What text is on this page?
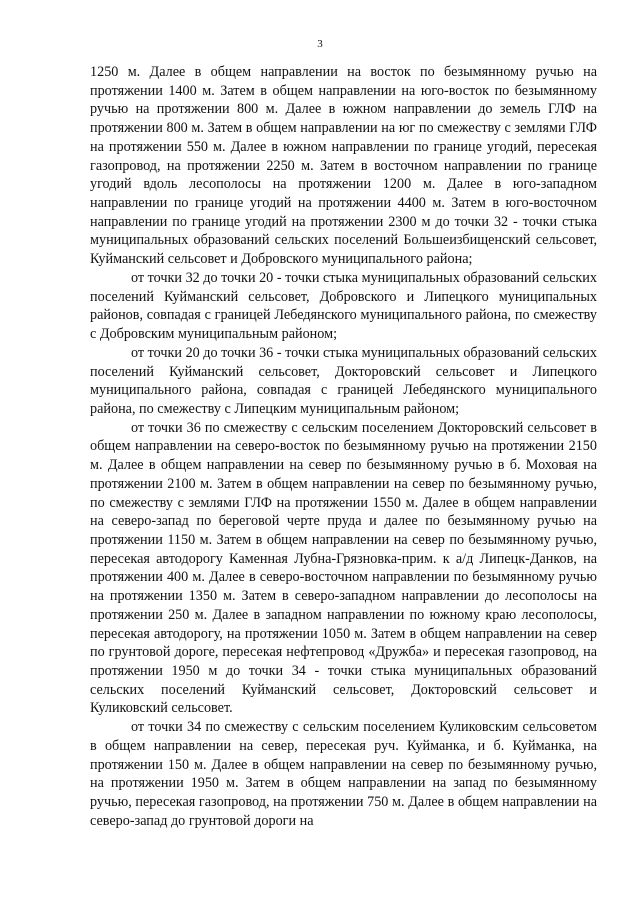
3

1250 м. Далее в общем направлении на восток по безымянному ручью на протяжении 1400 м. Затем в общем направлении на юго-восток по безымянному ручью на протяжении 800 м. Далее в южном направлении до земель ГЛФ на протяжении 800 м. Затем в общем направлении на юг по смежеству с землями ГЛФ на протяжении 550 м. Далее в южном направлении по границе угодий, пересекая газопровод, на протяжении 2250 м. Затем в восточном направлении по границе угодий вдоль лесополосы на протяжении 1200 м. Далее в юго-западном направлении по границе угодий на протяжении 4400 м. Затем в юго-восточном направлении по границе угодий на протяжении 2300 м до точки 32 - точки стыка муниципальных образований сельских поселений Большеизбищенский сельсовет, Куйманский сельсовет и Добровского муниципального района;

от точки 32 до точки 20 - точки стыка муниципальных образований сельских поселений Куйманский сельсовет, Добровского и Липецкого муниципальных районов, совпадая с границей Лебедянского муниципального района, по смежеству с Добровским муниципальным районом;

от точки 20 до точки 36 - точки стыка муниципальных образований сельских поселений Куйманский сельсовет, Докторовский сельсовет и Липецкого муниципального района, совпадая с границей Лебедянского муниципального района, по смежеству с Липецким муниципальным районом;

от точки 36 по смежеству с сельским поселением Докторовский сельсовет в общем направлении на северо-восток по безымянному ручью на протяжении 2150 м. Далее в общем направлении на север по безымянному ручью в б. Моховая на протяжении 2100 м. Затем в общем направлении на север по безымянному ручью, по смежеству с землями ГЛФ на протяжении 1550 м. Далее в общем направлении на северо-запад по береговой черте пруда и далее по безымянному ручью на протяжении 1150 м. Затем в общем направлении на север по безымянному ручью, пересекая автодорогу Каменная Лубна-Грязновка-прим. к а/д Липецк-Данков, на протяжении 400 м. Далее в северо-восточном направлении по безымянному ручью на протяжении 1350 м. Затем в северо-западном направлении до лесополосы на протяжении 250 м. Далее в западном направлении по южному краю лесополосы, пересекая автодорогу, на протяжении 1050 м. Затем в общем направлении на север по грунтовой дороге, пересекая нефтепровод «Дружба» и пересекая газопровод, на протяжении 1950 м до точки 34 - точки стыка муниципальных образований сельских поселений Куйманский сельсовет, Докторовский сельсовет и Куликовский сельсовет.

от точки 34 по смежеству с сельским поселением Куликовским сельсоветом в общем направлении на север, пересекая руч. Куйманка, и б. Куйманка, на протяжении 150 м. Далее в общем направлении на север по безымянному ручью, на протяжении 1950 м. Затем в общем направлении на запад по безымянному ручью, пересекая газопровод, на протяжении 750 м. Далее в общем направлении на северо-запад до грунтовой дороги на
